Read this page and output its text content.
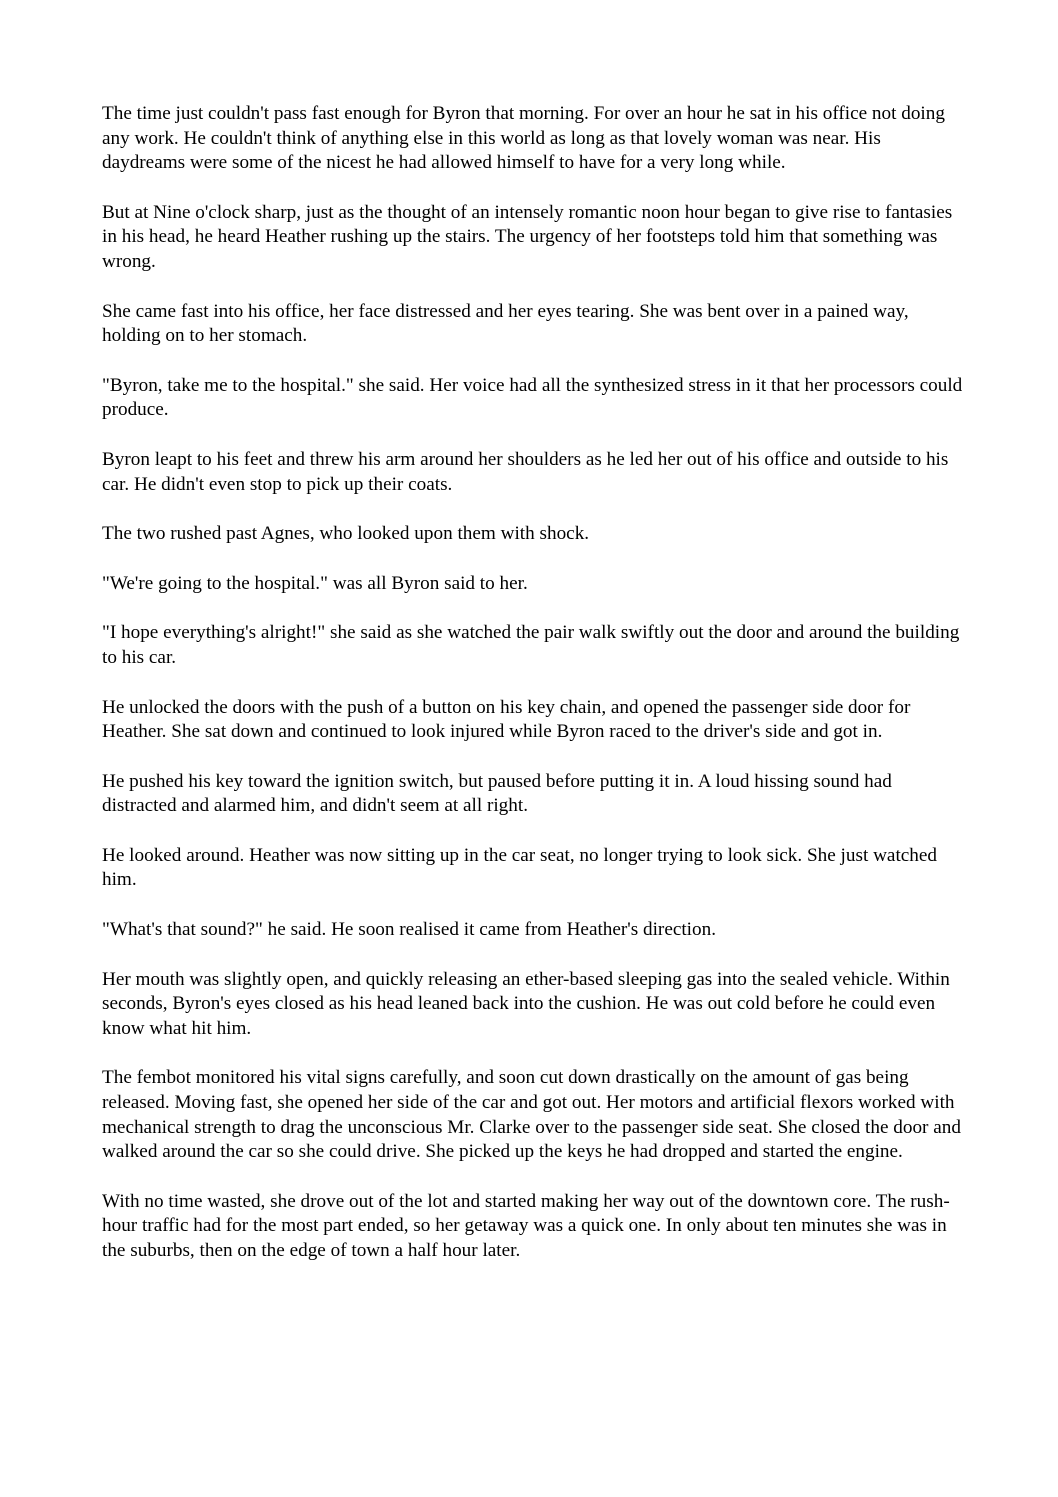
The time just couldn't pass fast enough for Byron that morning. For over an hour he sat in his office not doing any work. He couldn't think of anything else in this world as long as that lovely woman was near. His daydreams were some of the nicest he had allowed himself to have for a very long while.

But at Nine o'clock sharp, just as the thought of an intensely romantic noon hour began to give rise to fantasies in his head, he heard Heather rushing up the stairs. The urgency of her footsteps told him that something was wrong.

She came fast into his office, her face distressed and her eyes tearing. She was bent over in a pained way, holding on to her stomach.

"Byron, take me to the hospital." she said. Her voice had all the synthesized stress in it that her processors could produce.

Byron leapt to his feet and threw his arm around her shoulders as he led her out of his office and outside to his car. He didn't even stop to pick up their coats.

The two rushed past Agnes, who looked upon them with shock.

"We're going to the hospital." was all Byron said to her.

"I hope everything's alright!" she said as she watched the pair walk swiftly out the door and around the building to his car.

He unlocked the doors with the push of a button on his key chain, and opened the passenger side door for Heather. She sat down and continued to look injured while Byron raced to the driver's side and got in.

He pushed his key toward the ignition switch, but paused before putting it in. A loud hissing sound had distracted and alarmed him, and didn't seem at all right.

He looked around. Heather was now sitting up in the car seat, no longer trying to look sick. She just watched him.

"What's that sound?" he said. He soon realised it came from Heather's direction.

Her mouth was slightly open, and quickly releasing an ether-based sleeping gas into the sealed vehicle. Within seconds, Byron's eyes closed as his head leaned back into the cushion. He was out cold before he could even know what hit him.

The fembot monitored his vital signs carefully, and soon cut down drastically on the amount of gas being released. Moving fast, she opened her side of the car and got out. Her motors and artificial flexors worked with mechanical strength to drag the unconscious Mr. Clarke over to the passenger side seat. She closed the door and walked around the car so she could drive. She picked up the keys he had dropped and started the engine.

With no time wasted, she drove out of the lot and started making her way out of the downtown core. The rush-hour traffic had for the most part ended, so her getaway was a quick one. In only about ten minutes she was in the suburbs, then on the edge of town a half hour later.
